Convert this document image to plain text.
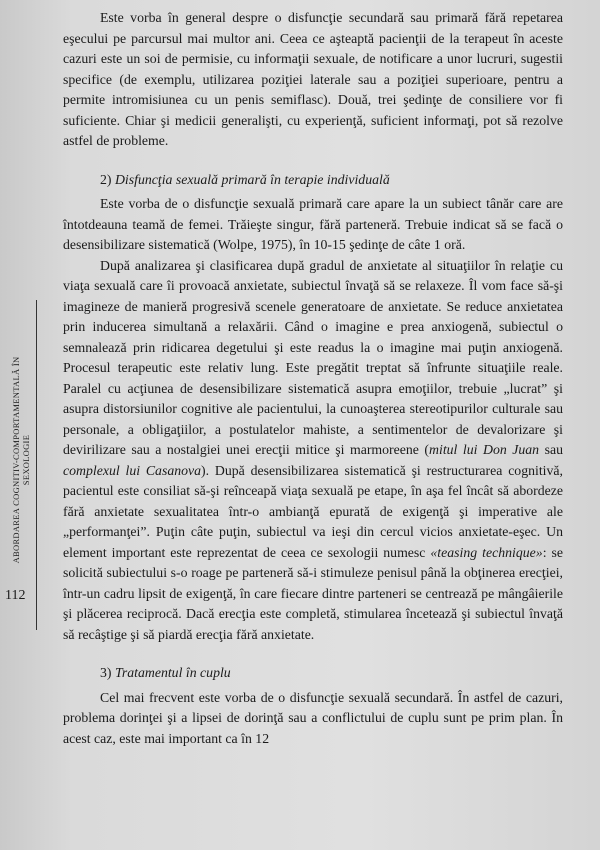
ABORDAREA COGNITIV-COMPORTAMENTALĂ ÎN SEXOLOGIE
112

Este vorba în general despre o disfuncţie secundară sau primară fără repetarea eşecului pe parcursul mai multor ani. Ceea ce aşteaptă pacienţii de la terapeut în aceste cazuri este un soi de permisie, cu informaţii sexuale, de notificare a unor lucruri, sugestii specifice (de exemplu, utilizarea poziţiei laterale sau a poziţiei superioare, pentru a permite intromisiunea cu un penis semiflasc). Două, trei şedinţe de consiliere vor fi suficiente. Chiar şi medicii generalişti, cu experienţă, suficient informaţi, pot să rezolve astfel de probleme.

2) Disfuncţia sexuală primară în terapie individuală

Este vorba de o disfuncţie sexuală primară care apare la un subiect tânăr care are întotdeauna teamă de femei. Trăieşte singur, fără parteneră. Trebuie indicat să se facă o desensibilizare sistematică (Wolpe, 1975), în 10-15 şedinţe de câte 1 oră.

După analizarea şi clasificarea după gradul de anxietate al situaţiilor în relaţie cu viaţa sexuală care îi provoacă anxietate, subiectul învaţă să se relaxeze. Îl vom face să-şi imagineze de manieră progresivă scenele generatoare de anxietate. Se reduce anxietatea prin inducerea simultană a relaxării. Când o imagine e prea anxiogenă, subiectul o semnalează prin ridicarea degetului şi este readus la o imagine mai puţin anxiogenă. Procesul terapeutic este relativ lung. Este pregătit treptat să înfrunte situaţiile reale. Paralel cu acţiunea de desensibilizare sistematică asupra emoţiilor, trebuie „lucrat” şi asupra distorsiunilor cognitive ale pacientului, la cunoaşterea stereotipurilor culturale sau personale, a obligaţiilor, a postulatelor mahiste, a sentimentelor de devalorizare şi devirilizare sau a nostalgiei unei erecţii mitice şi marmoreene (mitul lui Don Juan sau complexul lui Casanova). După desensibilizarea sistematică şi restructurarea cognitivă, pacientul este consiliat să-şi reînceapă viaţa sexuală pe etape, în aşa fel încât să abordeze fără anxietate sexualitatea într-o ambianţă epurată de exigenţă şi imperative ale „performanţei”. Puţin câte puţin, subiectul va ieşi din cercul vicios anxietate-eşec. Un element important este reprezentat de ceea ce sexologii numesc «teasing technique»: se solicită subiectului s-o roage pe parteneră să-i stimuleze penisul până la obţinerea erecţiei, într-un cadru lipsit de exigenţă, în care fiecare dintre parteneri se centrează pe mângâierile şi plăcerea reciprocă. Dacă erecţia este completă, stimularea încetează şi subiectul învaţă să recâştige şi să piardă erecţia fără anxietate.

3) Tratamentul în cuplu

Cel mai frecvent este vorba de o disfuncţie sexuală secundară. În astfel de cazuri, problema dorinţei şi a lipsei de dorinţă sau a conflictului de cuplu sunt pe prim plan. În acest caz, este mai important ca în 12
